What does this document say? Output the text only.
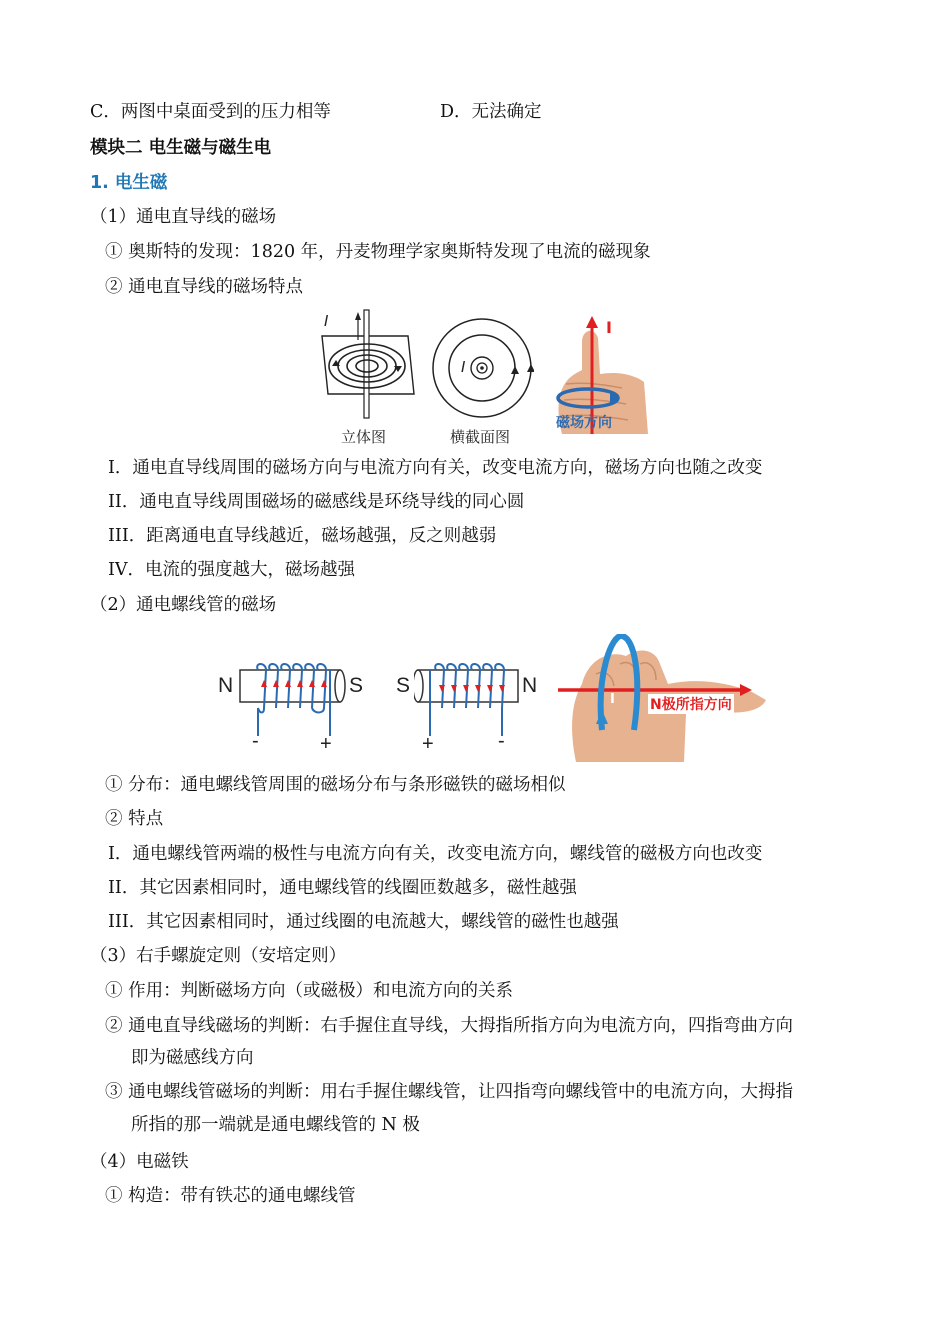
C．两图中桌面受到的压力相等	D．无法确定
模块二 电生磁与磁生电
1. 电生磁
（1）通电直导线的磁场
① 奥斯特的发现：1820 年，丹麦物理学家奥斯特发现了电流的磁现象
② 通电直导线的磁场特点
I
立体图
I
横截面图
I
磁场方向
I．通电直导线周围的磁场方向与电流方向有关，改变电流方向，磁场方向也随之改变
II．通电直导线周围磁场的磁感线是环绕导线的同心圆
III．距离通电直导线越近，磁场越强，反之则越弱
IV．电流的强度越大，磁场越强
（2）通电螺线管的磁场
N	S
-	+
S	N
+	-
I	N极所指方向
① 分布：通电螺线管周围的磁场分布与条形磁铁的磁场相似
② 特点
I．通电螺线管两端的极性与电流方向有关，改变电流方向，螺线管的磁极方向也改变
II．其它因素相同时，通电螺线管的线圈匝数越多，磁性越强
III．其它因素相同时，通过线圈的电流越大，螺线管的磁性也越强
（3）右手螺旋定则（安培定则）
① 作用：判断磁场方向（或磁极）和电流方向的关系
② 通电直导线磁场的判断：右手握住直导线，大拇指所指方向为电流方向，四指弯曲方向
即为磁感线方向
③ 通电螺线管磁场的判断：用右手握住螺线管，让四指弯向螺线管中的电流方向，大拇指
所指的那一端就是通电螺线管的 N 极
（4）电磁铁
① 构造：带有铁芯的通电螺线管
